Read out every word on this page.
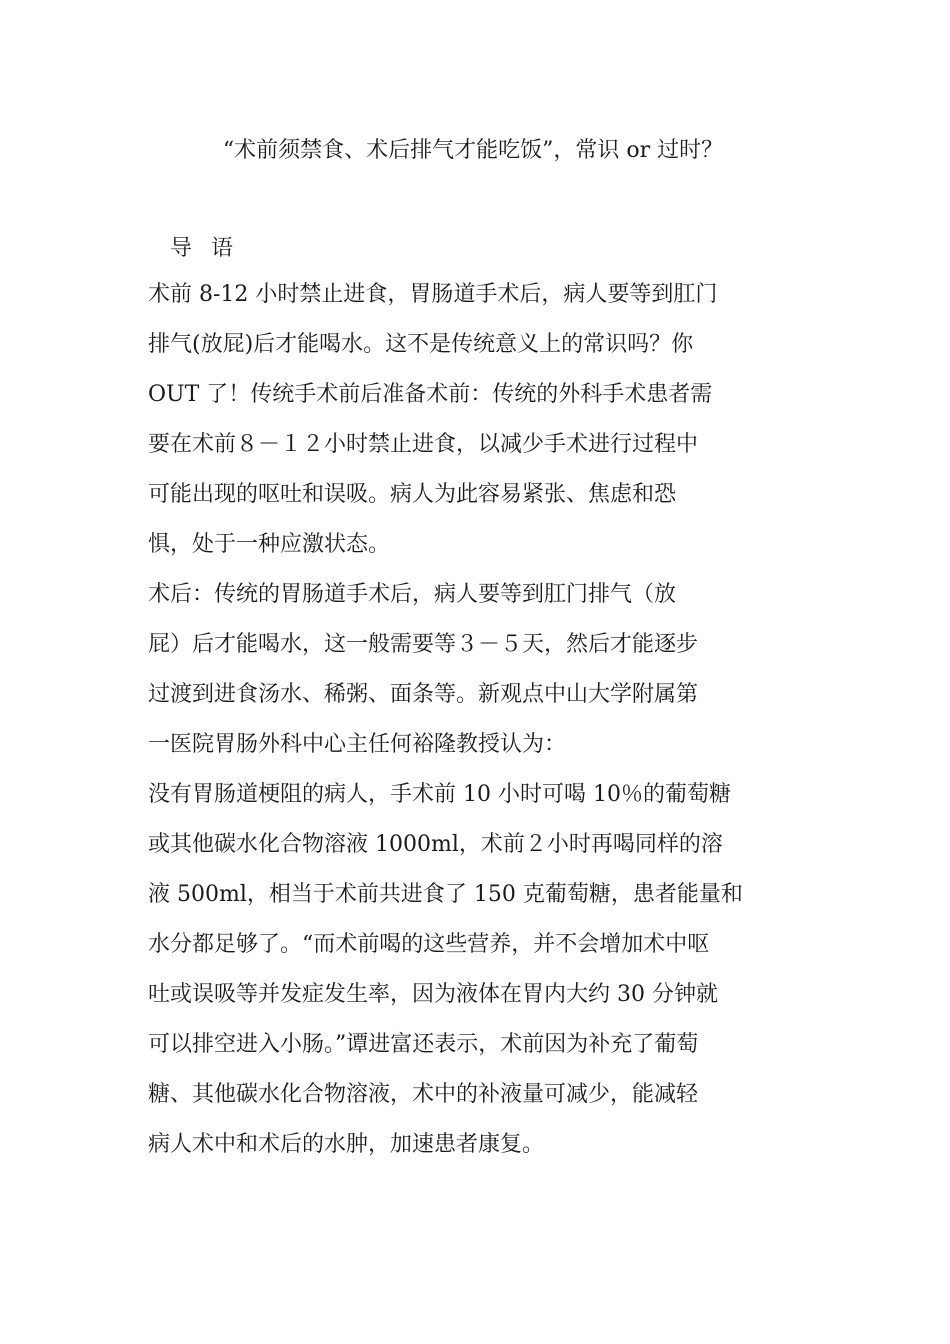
“术前须禁食、术后排气才能吃饭”，常识 or 过时？
导 语
术前 8-12 小时禁止进食，胃肠道手术后，病人要等到肛门
排气(放屁)后才能喝水。这不是传统意义上的常识吗？你
OUT 了！传统手术前后准备术前：传统的外科手术患者需
要在术前８－１２小时禁止进食，以减少手术进行过程中
可能出现的呕吐和误吸。病人为此容易紧张、焦虑和恐
惧，处于一种应激状态。
术后：传统的胃肠道手术后，病人要等到肛门排气（放
屁）后才能喝水，这一般需要等３－５天，然后才能逐步
过渡到进食汤水、稀粥、面条等。新观点中山大学附属第
一医院胃肠外科中心主任何裕隆教授认为：
没有胃肠道梗阻的病人，手术前 10 小时可喝 10％的葡萄糖
或其他碳水化合物溶液 1000ml，术前２小时再喝同样的溶
液 500ml，相当于术前共进食了 150 克葡萄糖，患者能量和
水分都足够了。“而术前喝的这些营养，并不会增加术中呕
吐或误吸等并发症发生率，因为液体在胃内大约 30 分钟就
可以排空进入小肠。”谭进富还表示，术前因为补充了葡萄
糖、其他碳水化合物溶液，术中的补液量可减少，能减轻
病人术中和术后的水肿，加速患者康复。
